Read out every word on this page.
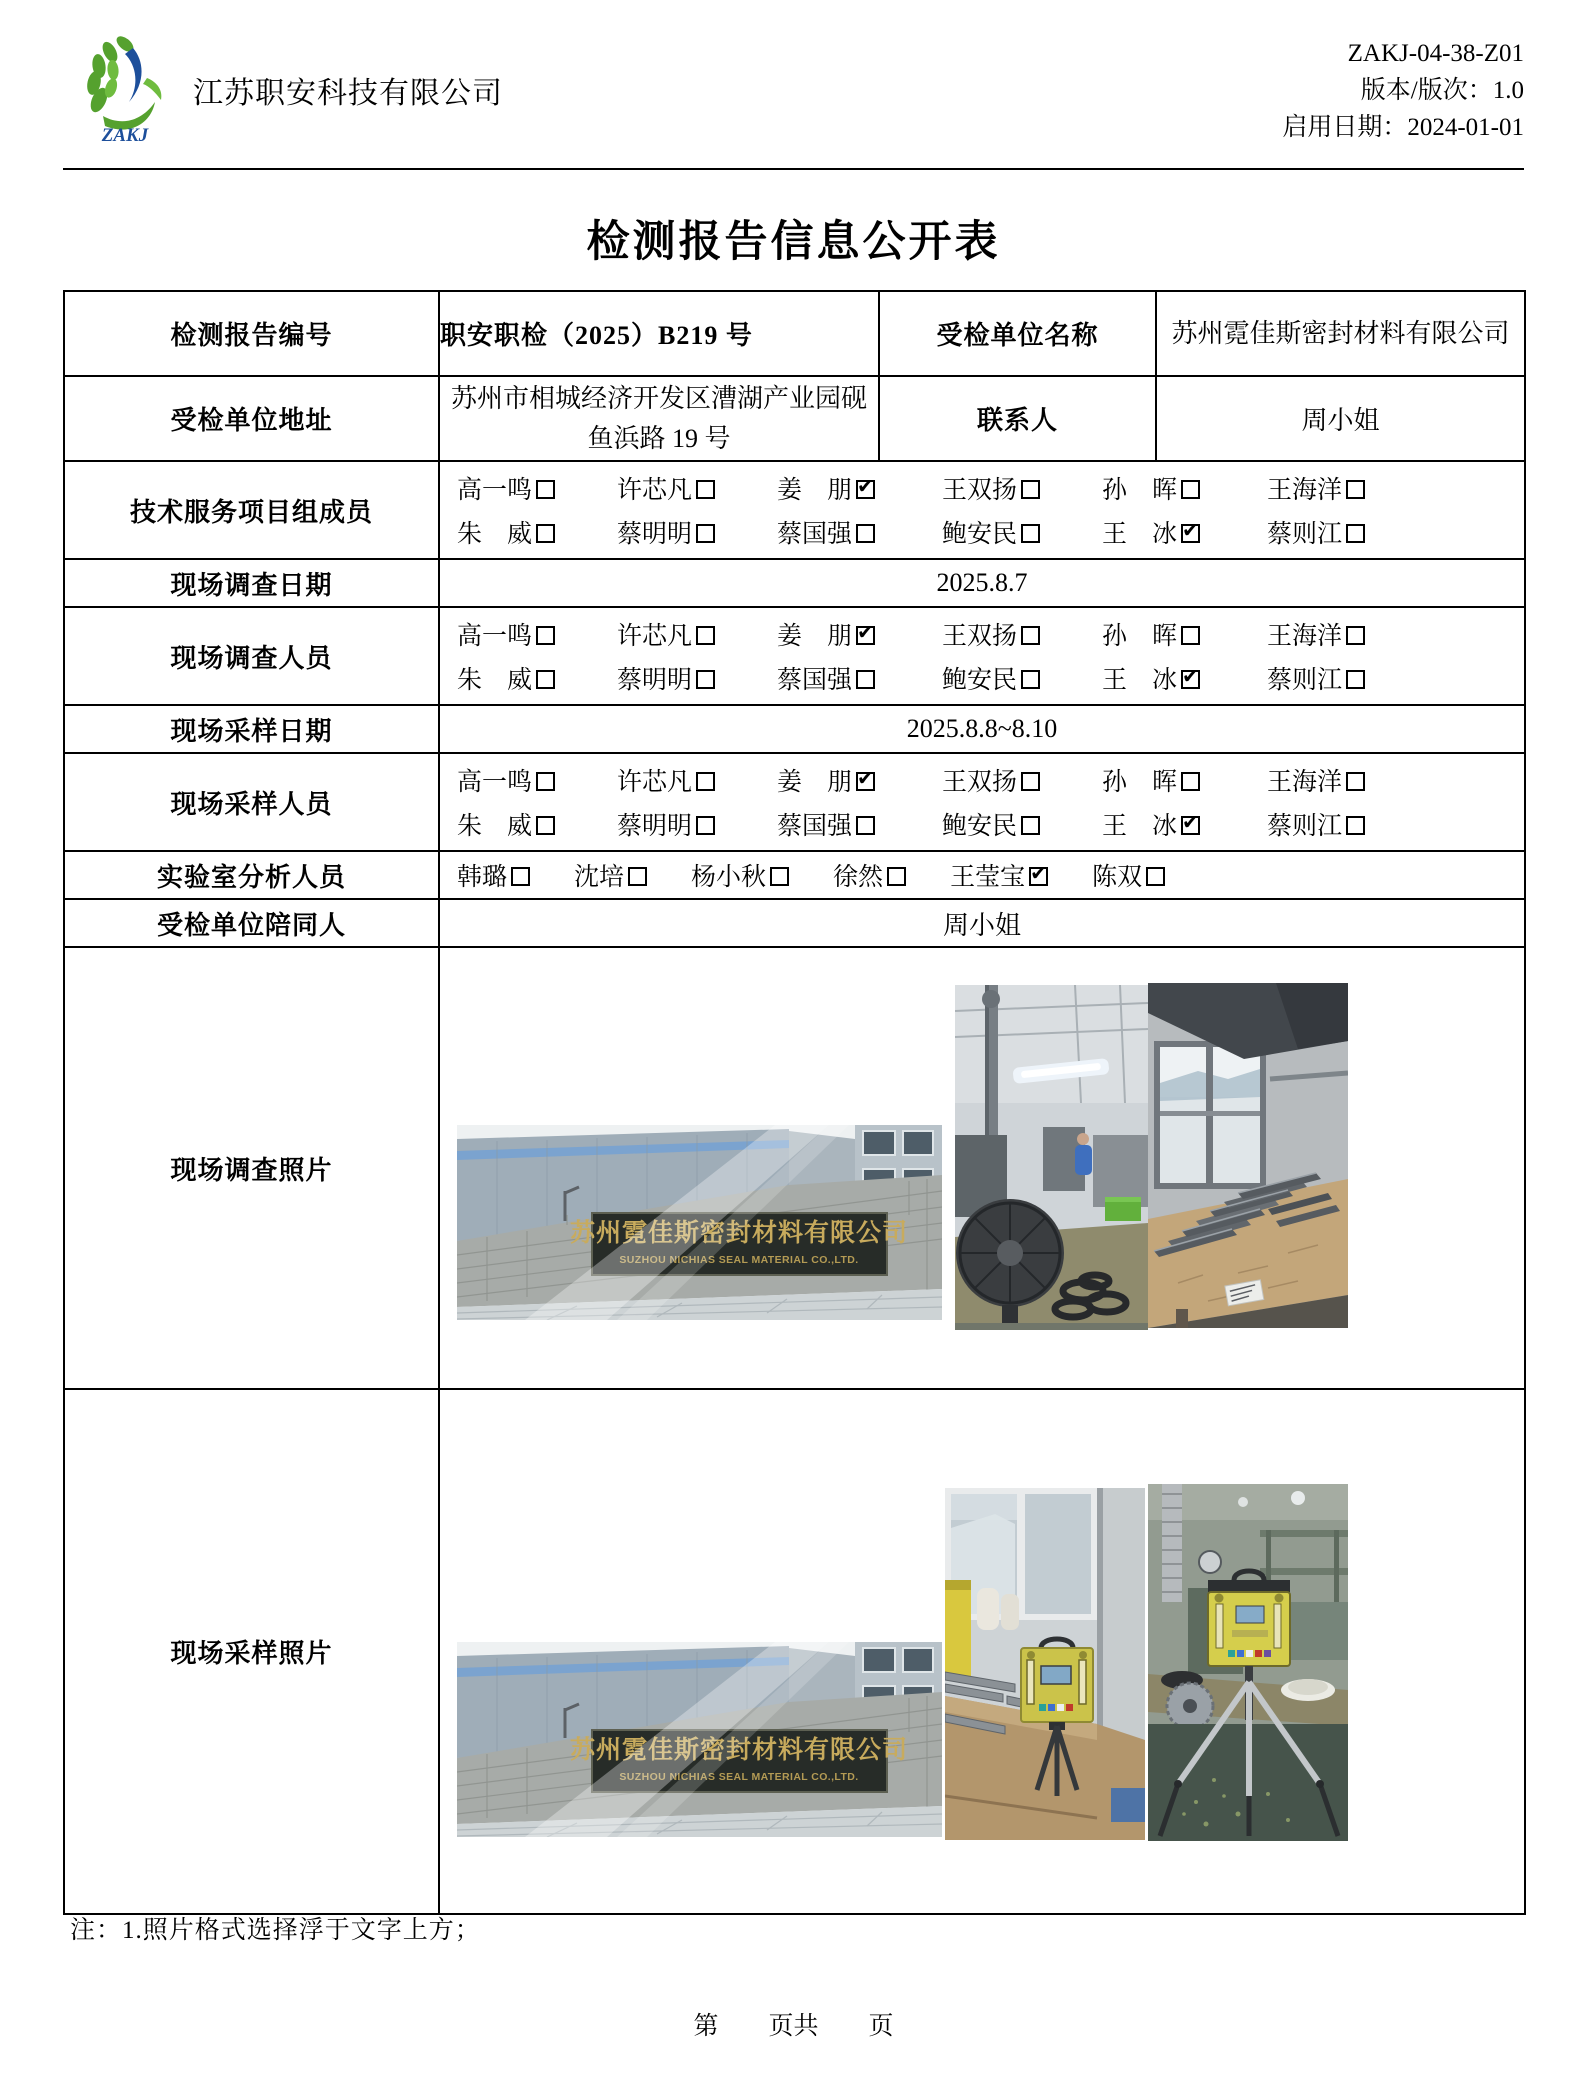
ZAKJ
江苏职安科技有限公司
ZAKJ-04-38-Z01
版本/版次：1.0
启用日期：2024-01-01
检测报告信息公开表
检测报告编号	职安职检（2025）B219 号	受检单位名称	苏州霓佳斯密封材料有限公司
受检单位地址	苏州市相城经济开发区漕湖产业园砚鱼浜路 19 号	联系人	周小姐
技术服务项目组成员	
高一鸣	许芯凡	姜　朋 ✔	王双扬	孙　晖	王海洋
朱　威	蔡明明	蔡国强	鲍安民	王　冰 ✔	蔡则江

现场调查日期	2025.8.7		
现场调查人员	
高一鸣	许芯凡	姜　朋 ✔	王双扬	孙　晖	王海洋
朱　威	蔡明明	蔡国强	鲍安民	王　冰 ✔	蔡则江

现场采样日期	2025.8.8~8.10		
现场采样人员	
高一鸣	许芯凡	姜　朋 ✔	王双扬	孙　晖	王海洋
朱　威	蔡明明	蔡国强	鲍安民	王　冰 ✔	蔡则江

实验室分析人员	韩璐	沈培	杨小秋	徐然	王莹宝 ✔	陈双

受检单位陪同人	周小姐		
现场调查照片	苏州霓佳斯密封材料有限公司
SUZHOU NICHIAS SEAL MATERIAL CO.,LTD.		

现场采样照片	苏州霓佳斯密封材料有限公司
SUZHOU NICHIAS SEAL MATERIAL CO.,LTD.		
注：1.照片格式选择浮于文字上方；
第　　页共　　页
